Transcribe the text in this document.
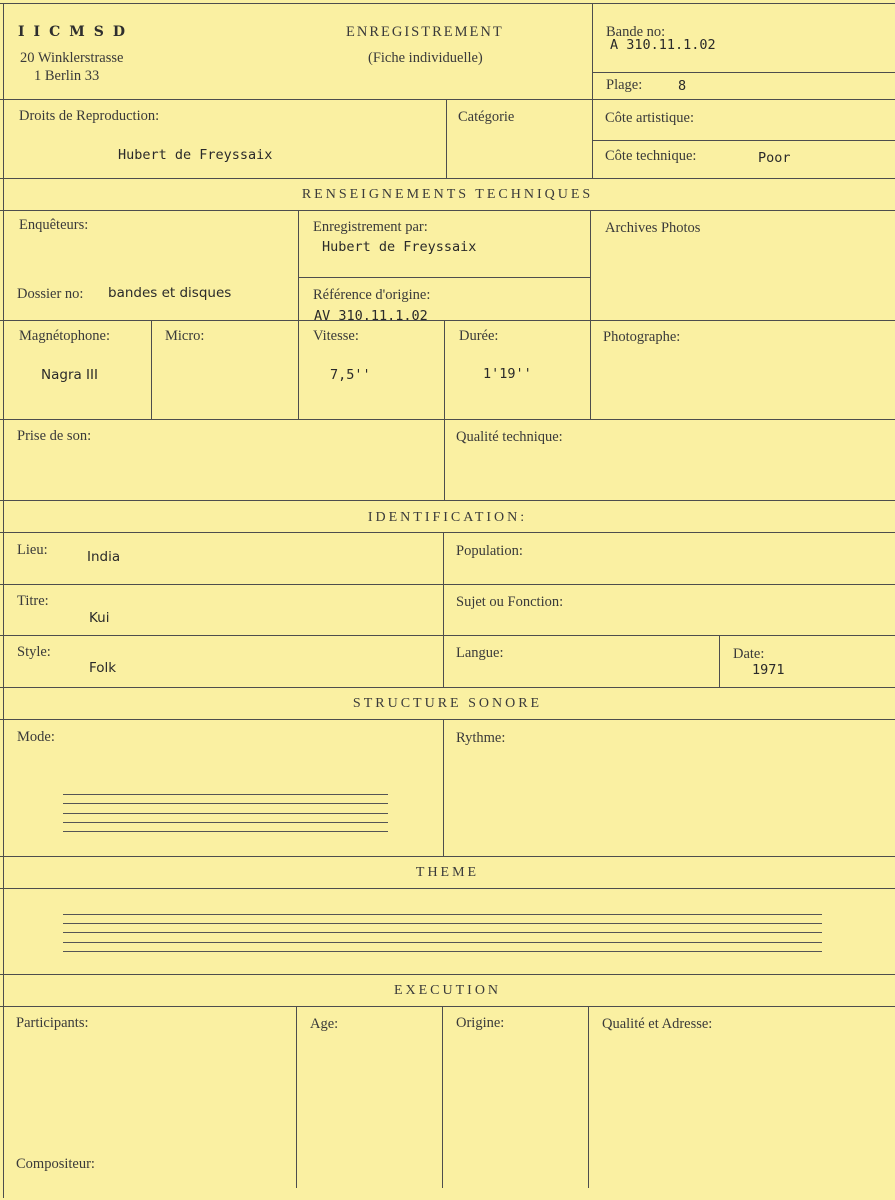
IICMSD
20 Winklerstrasse
1 Berlin 33
ENREGISTREMENT
(Fiche individuelle)
Bande no:
A 310.11.1.02
Plage:	8
Droits de Reproduction:
Hubert de Freyssaix
Catégorie	Côte artistique:
Côte technique:	Poor
RENSEIGNEMENTS TECHNIQUES
Enquêteurs:	Enregistrement par:
Hubert de Freyssaix
Archives Photos
Dossier no: bandes et disques	Référence d'origine:
AV 310.11.1.02
Magnétophone:
Nagra III
Micro:	Vitesse:
7,5''
Durée:
1'19''
Photographe:
Prise de son:	Qualité technique:
IDENTIFICATION:
Lieu:	India	Population:
Titre:
Kui
Sujet ou Fonction:
Style:
Folk
Langue:	Date:
1971
STRUCTURE SONORE
Mode:	Rythme:
THEME
EXECUTION
Participants:	Age:	Origine:	Qualité et Adresse:
Compositeur:
